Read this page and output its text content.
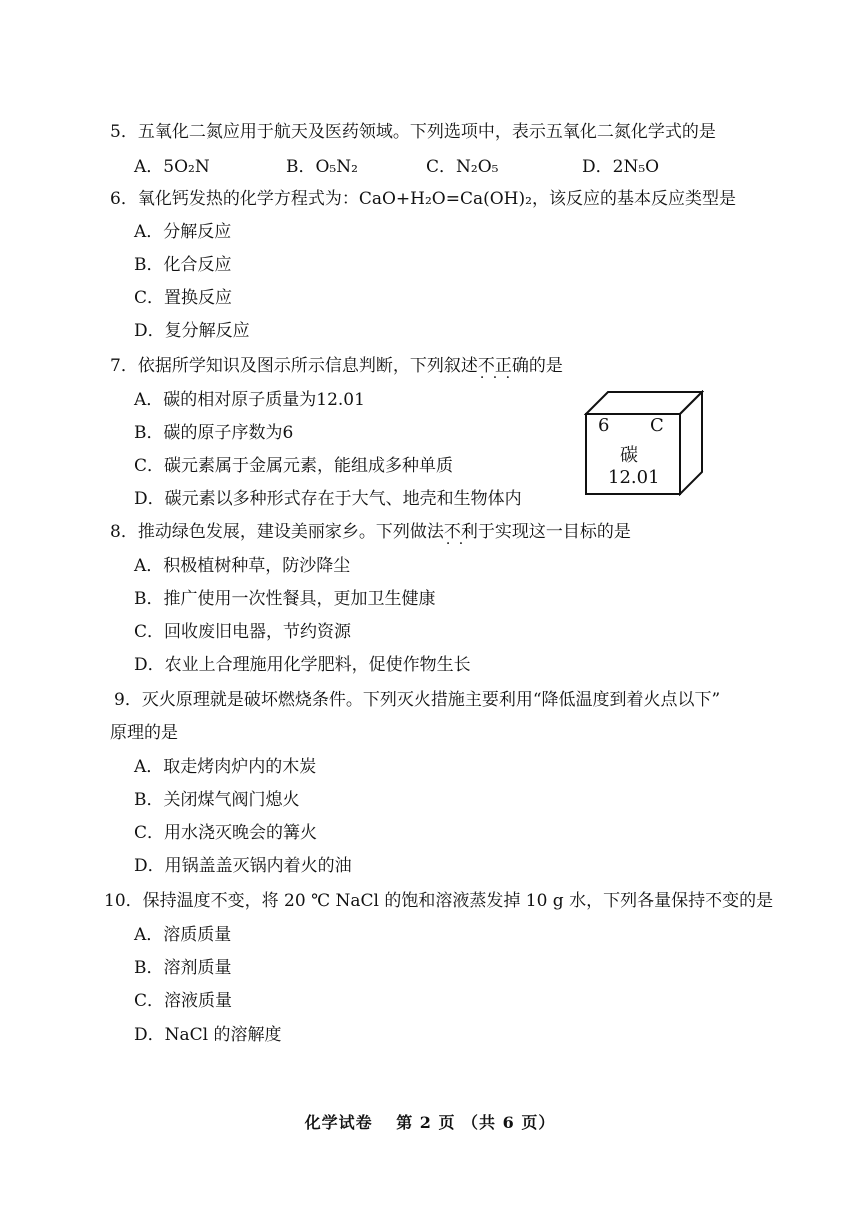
5．五氧化二氮应用于航天及医药领域。下列选项中，表示五氧化二氮化学式的是
A．5O₂N	B．O₅N₂	C．N₂O₅	D．2N₅O
6．氧化钙发热的化学方程式为：CaO+H₂O=Ca(OH)₂，该反应的基本反应类型是
A．分解反应
B．化合反应
C．置换反应
D．复分解反应
7．依据所学知识及图示所示信息判断，下列叙述不正确 · · ·的是
A．碳的相对原子质量为12.01
B．碳的原子序数为6
C．碳元素属于金属元素，能组成多种单质
D．碳元素以多种形式存在于大气、地壳和生物体内
6 C
碳
12.01
8．推动绿色发展，建设美丽家乡。下列做法不利 · ·于实现这一目标的是
A．积极植树种草，防沙降尘
B．推广使用一次性餐具，更加卫生健康
C．回收废旧电器，节约资源
D．农业上合理施用化学肥料，促使作物生长
9．灭火原理就是破坏燃烧条件。下列灭火措施主要利用“降低温度到着火点以下”
原理的是
A．取走烤肉炉内的木炭
B．关闭煤气阀门熄火
C．用水浇灭晚会的篝火
D．用锅盖盖灭锅内着火的油
10．保持温度不变，将 20 ℃ NaCl 的饱和溶液蒸发掉 10 g 水，下列各量保持不变的是
A．溶质质量
B．溶剂质量
C．溶液质量
D．NaCl 的溶解度
化学试卷　 第 2 页 （共 6 页）
